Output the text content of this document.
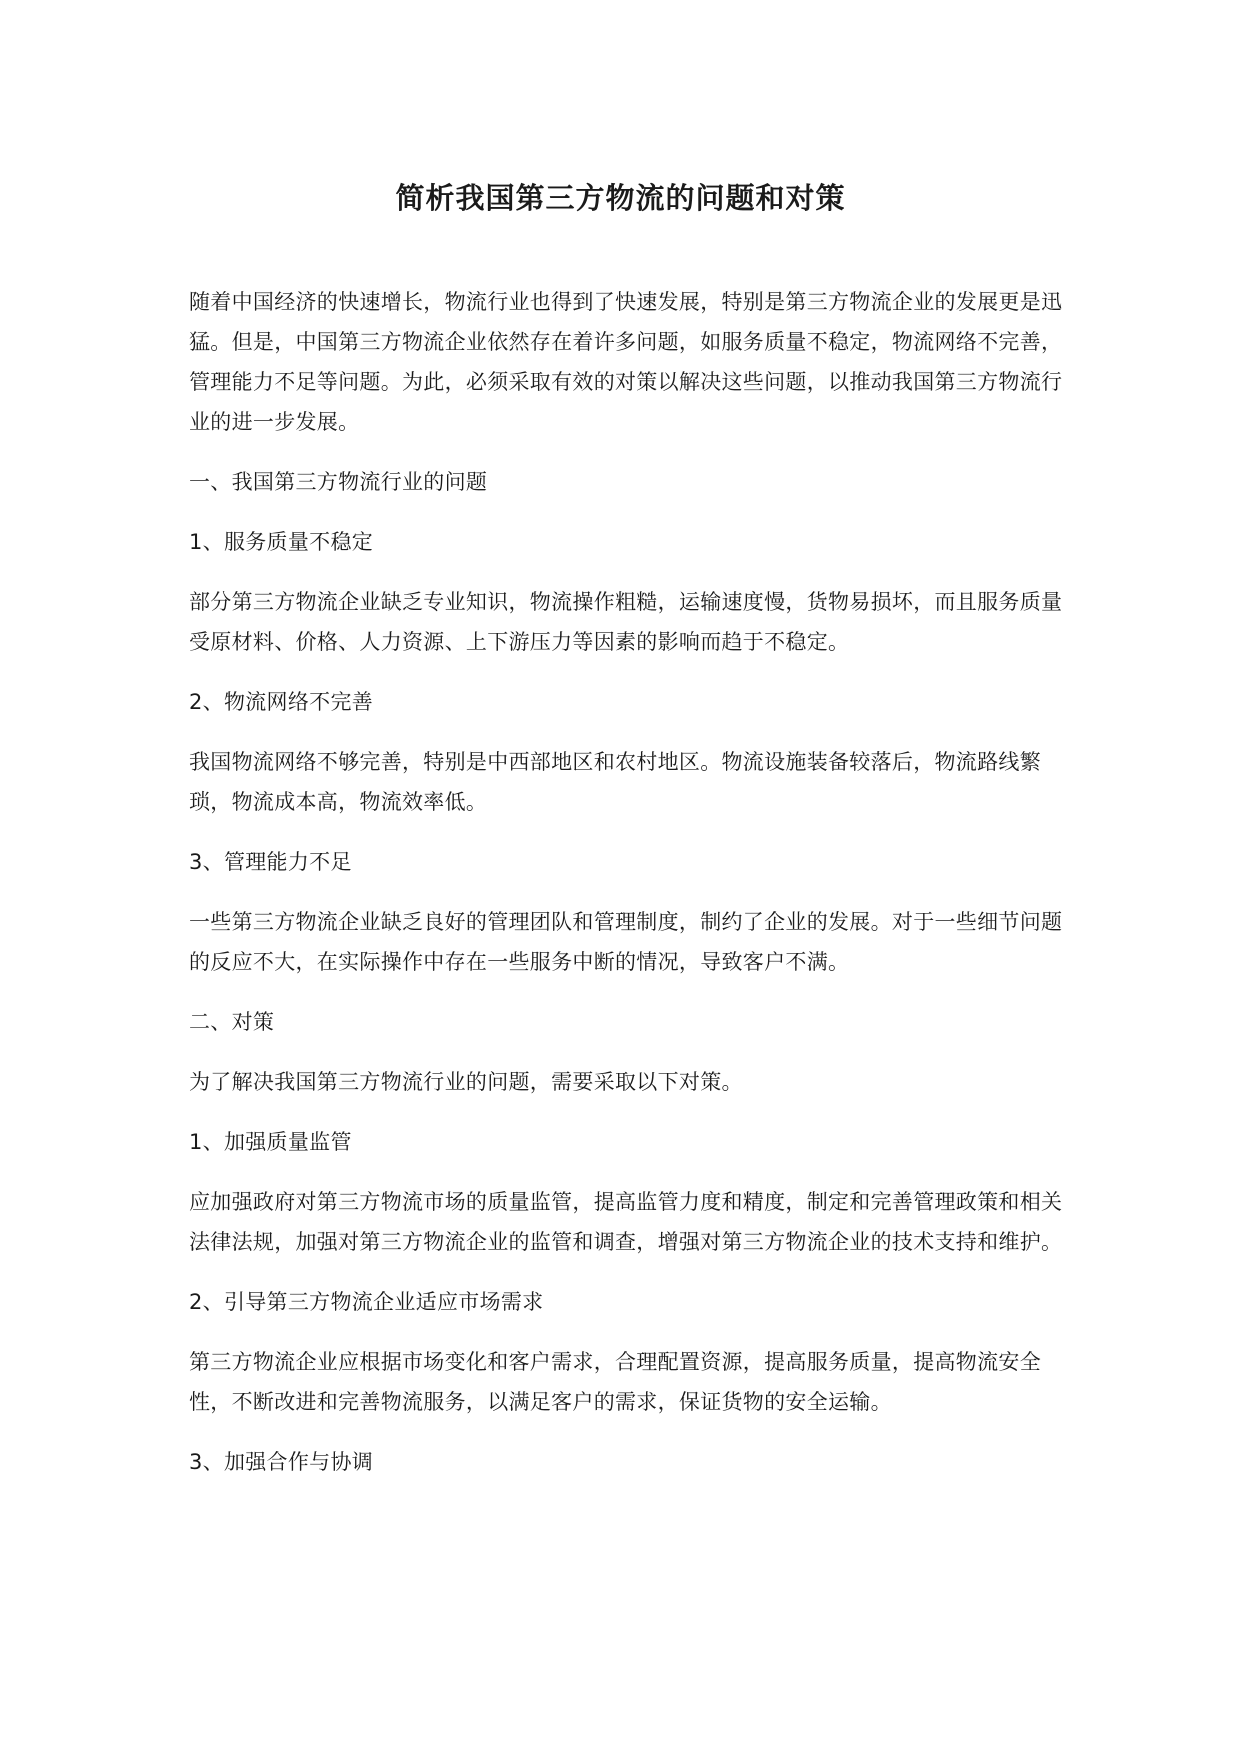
简析我国第三方物流的问题和对策

随着中国经济的快速增长，物流行业也得到了快速发展，特别是第三方物流企业的发展更是迅猛。但是，中国第三方物流企业依然存在着许多问题，如服务质量不稳定，物流网络不完善，管理能力不足等问题。为此，必须采取有效的对策以解决这些问题，以推动我国第三方物流行业的进一步发展。

一、我国第三方物流行业的问题

1、服务质量不稳定

部分第三方物流企业缺乏专业知识，物流操作粗糙，运输速度慢，货物易损坏，而且服务质量受原材料、价格、人力资源、上下游压力等因素的影响而趋于不稳定。

2、物流网络不完善

我国物流网络不够完善，特别是中西部地区和农村地区。物流设施装备较落后，物流路线繁琐，物流成本高，物流效率低。

3、管理能力不足

一些第三方物流企业缺乏良好的管理团队和管理制度，制约了企业的发展。对于一些细节问题的反应不大，在实际操作中存在一些服务中断的情况，导致客户不满。

二、对策

为了解决我国第三方物流行业的问题，需要采取以下对策。

1、加强质量监管

应加强政府对第三方物流市场的质量监管，提高监管力度和精度，制定和完善管理政策和相关法律法规，加强对第三方物流企业的监管和调查，增强对第三方物流企业的技术支持和维护。

2、引导第三方物流企业适应市场需求

第三方物流企业应根据市场变化和客户需求，合理配置资源，提高服务质量，提高物流安全性，不断改进和完善物流服务，以满足客户的需求，保证货物的安全运输。

3、加强合作与协调
